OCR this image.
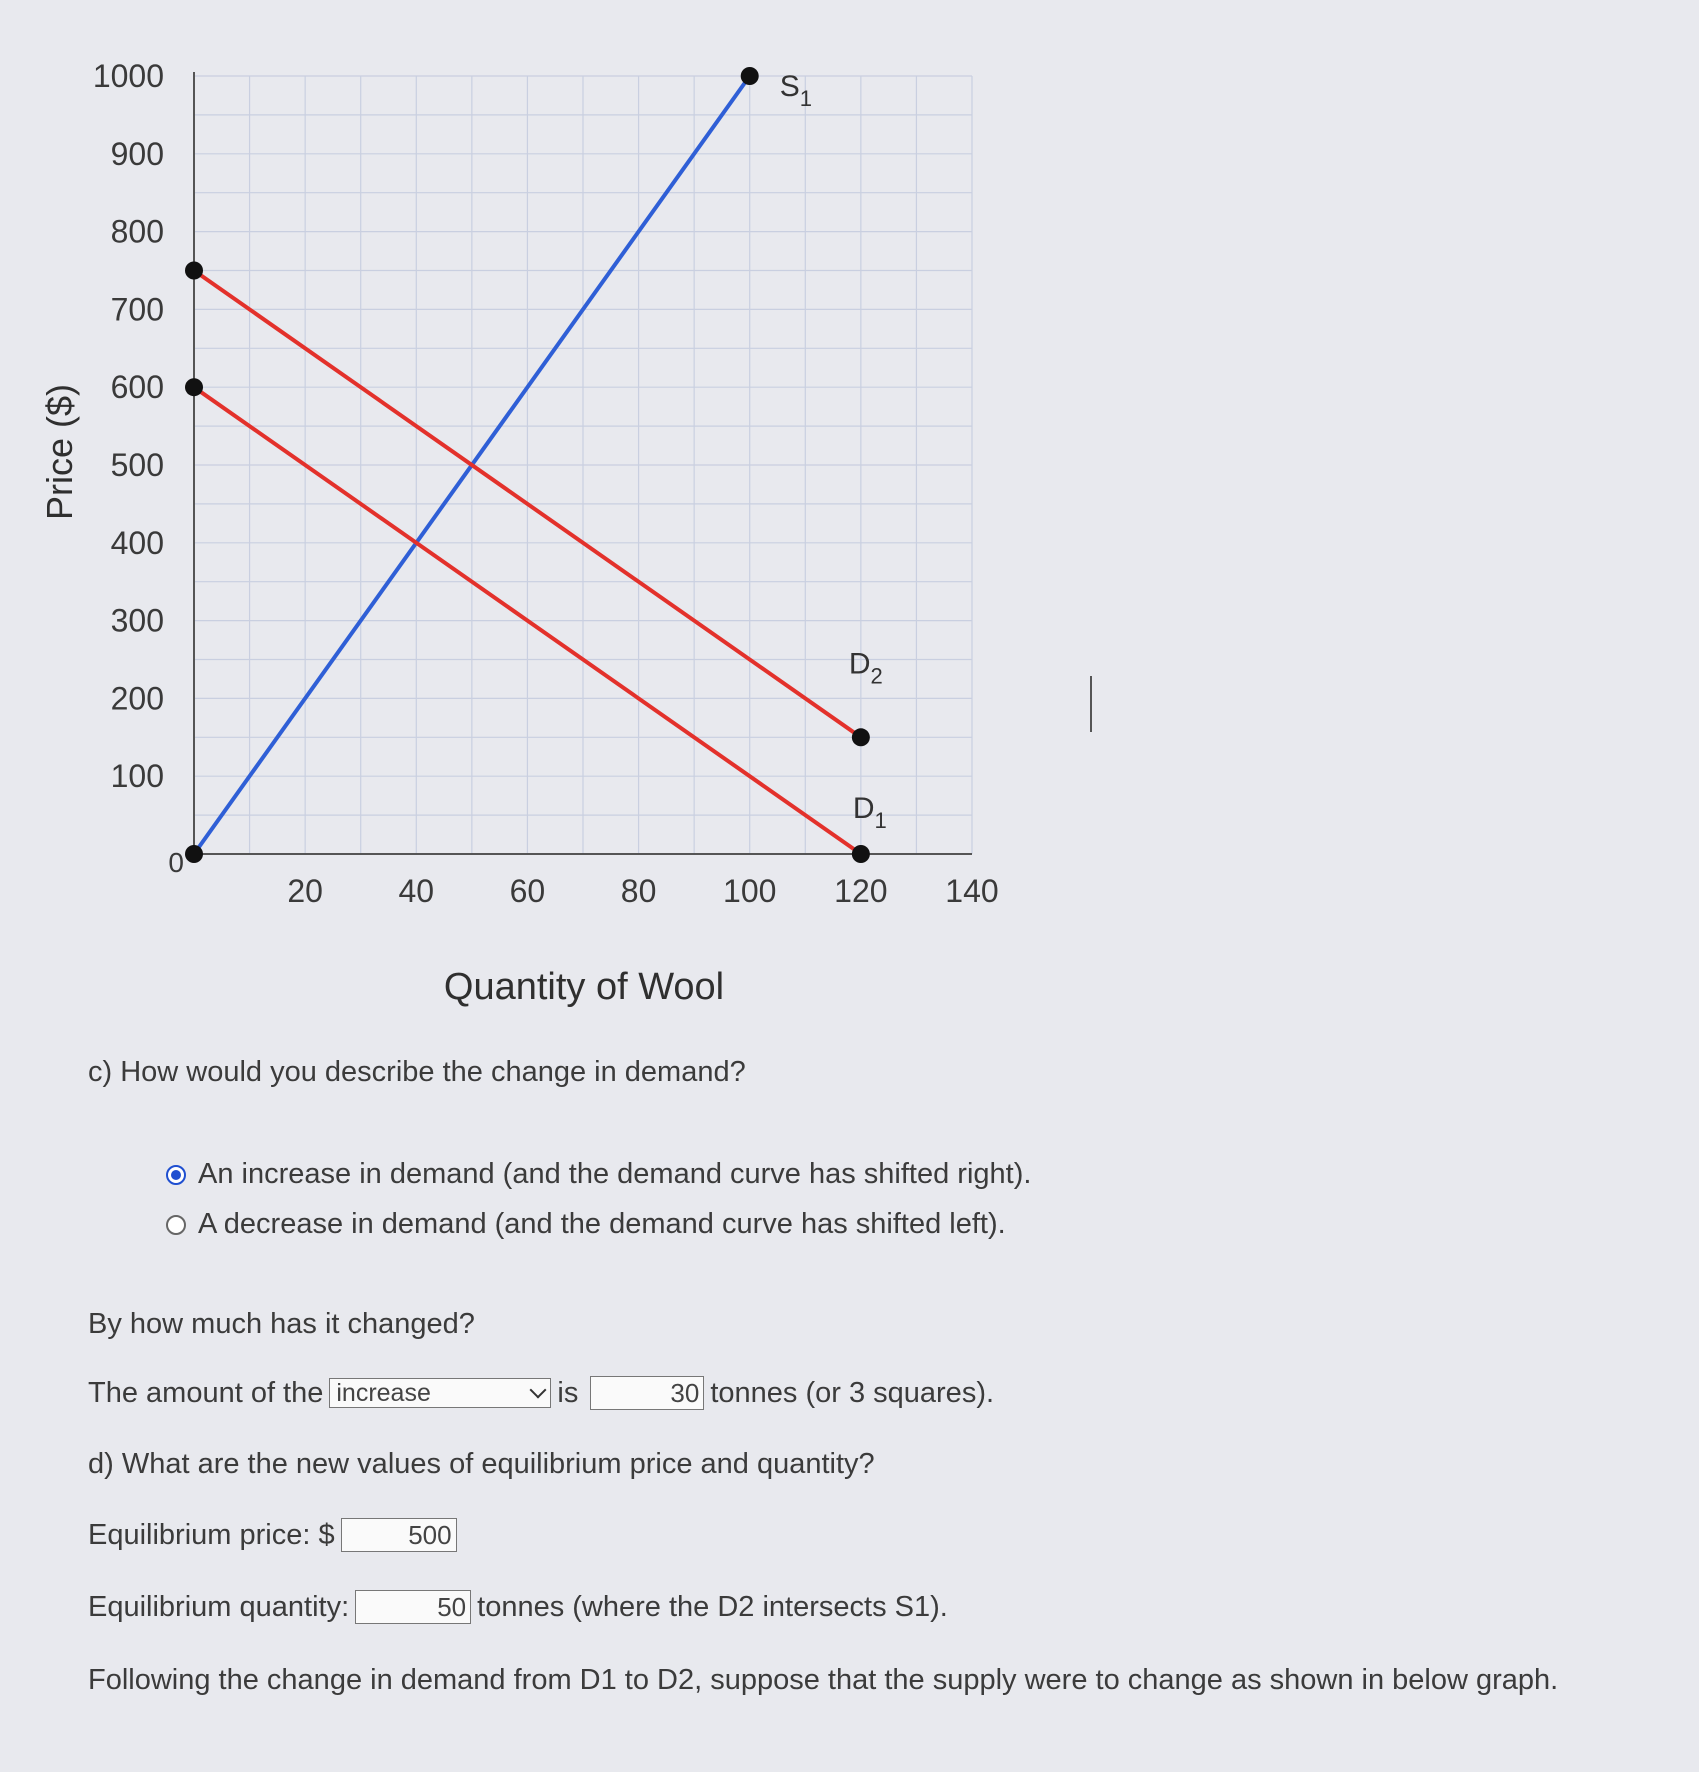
0
100
200
300
400
500
600
700
800
900
1000
20 40 60 80 100 120 140
Quantity of Wool
Price ($)
$S_1$
$D_2$
$D_1$
c) How would you describe the change in demand?
An increase in demand (and the demand curve has shifted right).
A decrease in demand (and the demand curve has shifted left).
By how much has it changed?
The amount of the increase	is	30 tonnes (or 3 squares).
d) What are the new values of equilibrium price and quantity?
Equilibrium price: $	500
Equilibrium quantity:	50 tonnes (where the D2 intersects S1).
Following the change in demand from D1 to D2, suppose that the supply were to change as shown in below graph.
